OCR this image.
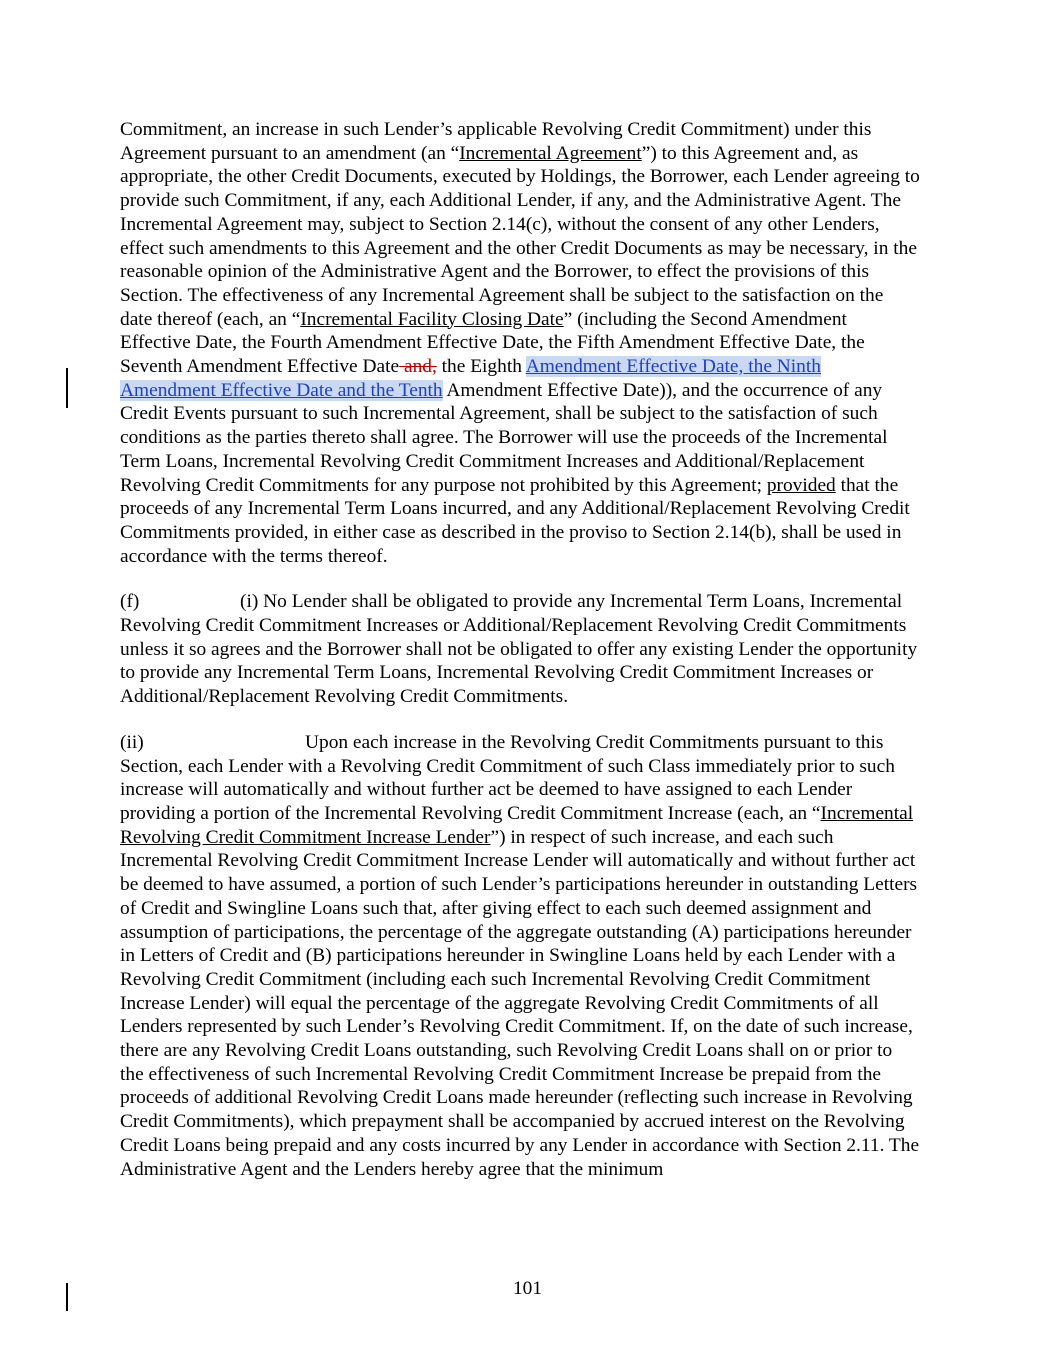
Commitment, an increase in such Lender’s applicable Revolving Credit Commitment) under this Agreement pursuant to an amendment (an “Incremental Agreement”) to this Agreement and, as appropriate, the other Credit Documents, executed by Holdings, the Borrower, each Lender agreeing to provide such Commitment, if any, each Additional Lender, if any, and the Administrative Agent. The Incremental Agreement may, subject to Section 2.14(c), without the consent of any other Lenders, effect such amendments to this Agreement and the other Credit Documents as may be necessary, in the reasonable opinion of the Administrative Agent and the Borrower, to effect the provisions of this Section. The effectiveness of any Incremental Agreement shall be subject to the satisfaction on the date thereof (each, an “Incremental Facility Closing Date” (including the Second Amendment Effective Date, the Fourth Amendment Effective Date, the Fifth Amendment Effective Date, the Seventh Amendment Effective Date and, the Eighth Amendment Effective Date, the Ninth Amendment Effective Date and the Tenth Amendment Effective Date)), and the occurrence of any Credit Events pursuant to such Incremental Agreement, shall be subject to the satisfaction of such conditions as the parties thereto shall agree. The Borrower will use the proceeds of the Incremental Term Loans, Incremental Revolving Credit Commitment Increases and Additional/Replacement Revolving Credit Commitments for any purpose not prohibited by this Agreement; provided that the proceeds of any Incremental Term Loans incurred, and any Additional/Replacement Revolving Credit Commitments provided, in either case as described in the proviso to Section 2.14(b), shall be used in accordance with the terms thereof.

(f)	(i) No Lender shall be obligated to provide any Incremental Term Loans, Incremental Revolving Credit Commitment Increases or Additional/Replacement Revolving Credit Commitments unless it so agrees and the Borrower shall not be obligated to offer any existing Lender the opportunity to provide any Incremental Term Loans, Incremental Revolving Credit Commitment Increases or Additional/Replacement Revolving Credit Commitments.

(ii)	Upon each increase in the Revolving Credit Commitments pursuant to this Section, each Lender with a Revolving Credit Commitment of such Class immediately prior to such increase will automatically and without further act be deemed to have assigned to each Lender providing a portion of the Incremental Revolving Credit Commitment Increase (each, an “Incremental Revolving Credit Commitment Increase Lender”) in respect of such increase, and each such Incremental Revolving Credit Commitment Increase Lender will automatically and without further act be deemed to have assumed, a portion of such Lender’s participations hereunder in outstanding Letters of Credit and Swingline Loans such that, after giving effect to each such deemed assignment and assumption of participations, the percentage of the aggregate outstanding (A) participations hereunder in Letters of Credit and (B) participations hereunder in Swingline Loans held by each Lender with a Revolving Credit Commitment (including each such Incremental Revolving Credit Commitment Increase Lender) will equal the percentage of the aggregate Revolving Credit Commitments of all Lenders represented by such Lender’s Revolving Credit Commitment. If, on the date of such increase, there are any Revolving Credit Loans outstanding, such Revolving Credit Loans shall on or prior to the effectiveness of such Incremental Revolving Credit Commitment Increase be prepaid from the proceeds of additional Revolving Credit Loans made hereunder (reflecting such increase in Revolving Credit Commitments), which prepayment shall be accompanied by accrued interest on the Revolving Credit Loans being prepaid and any costs incurred by any Lender in accordance with Section 2.11. The Administrative Agent and the Lenders hereby agree that the minimum

101
